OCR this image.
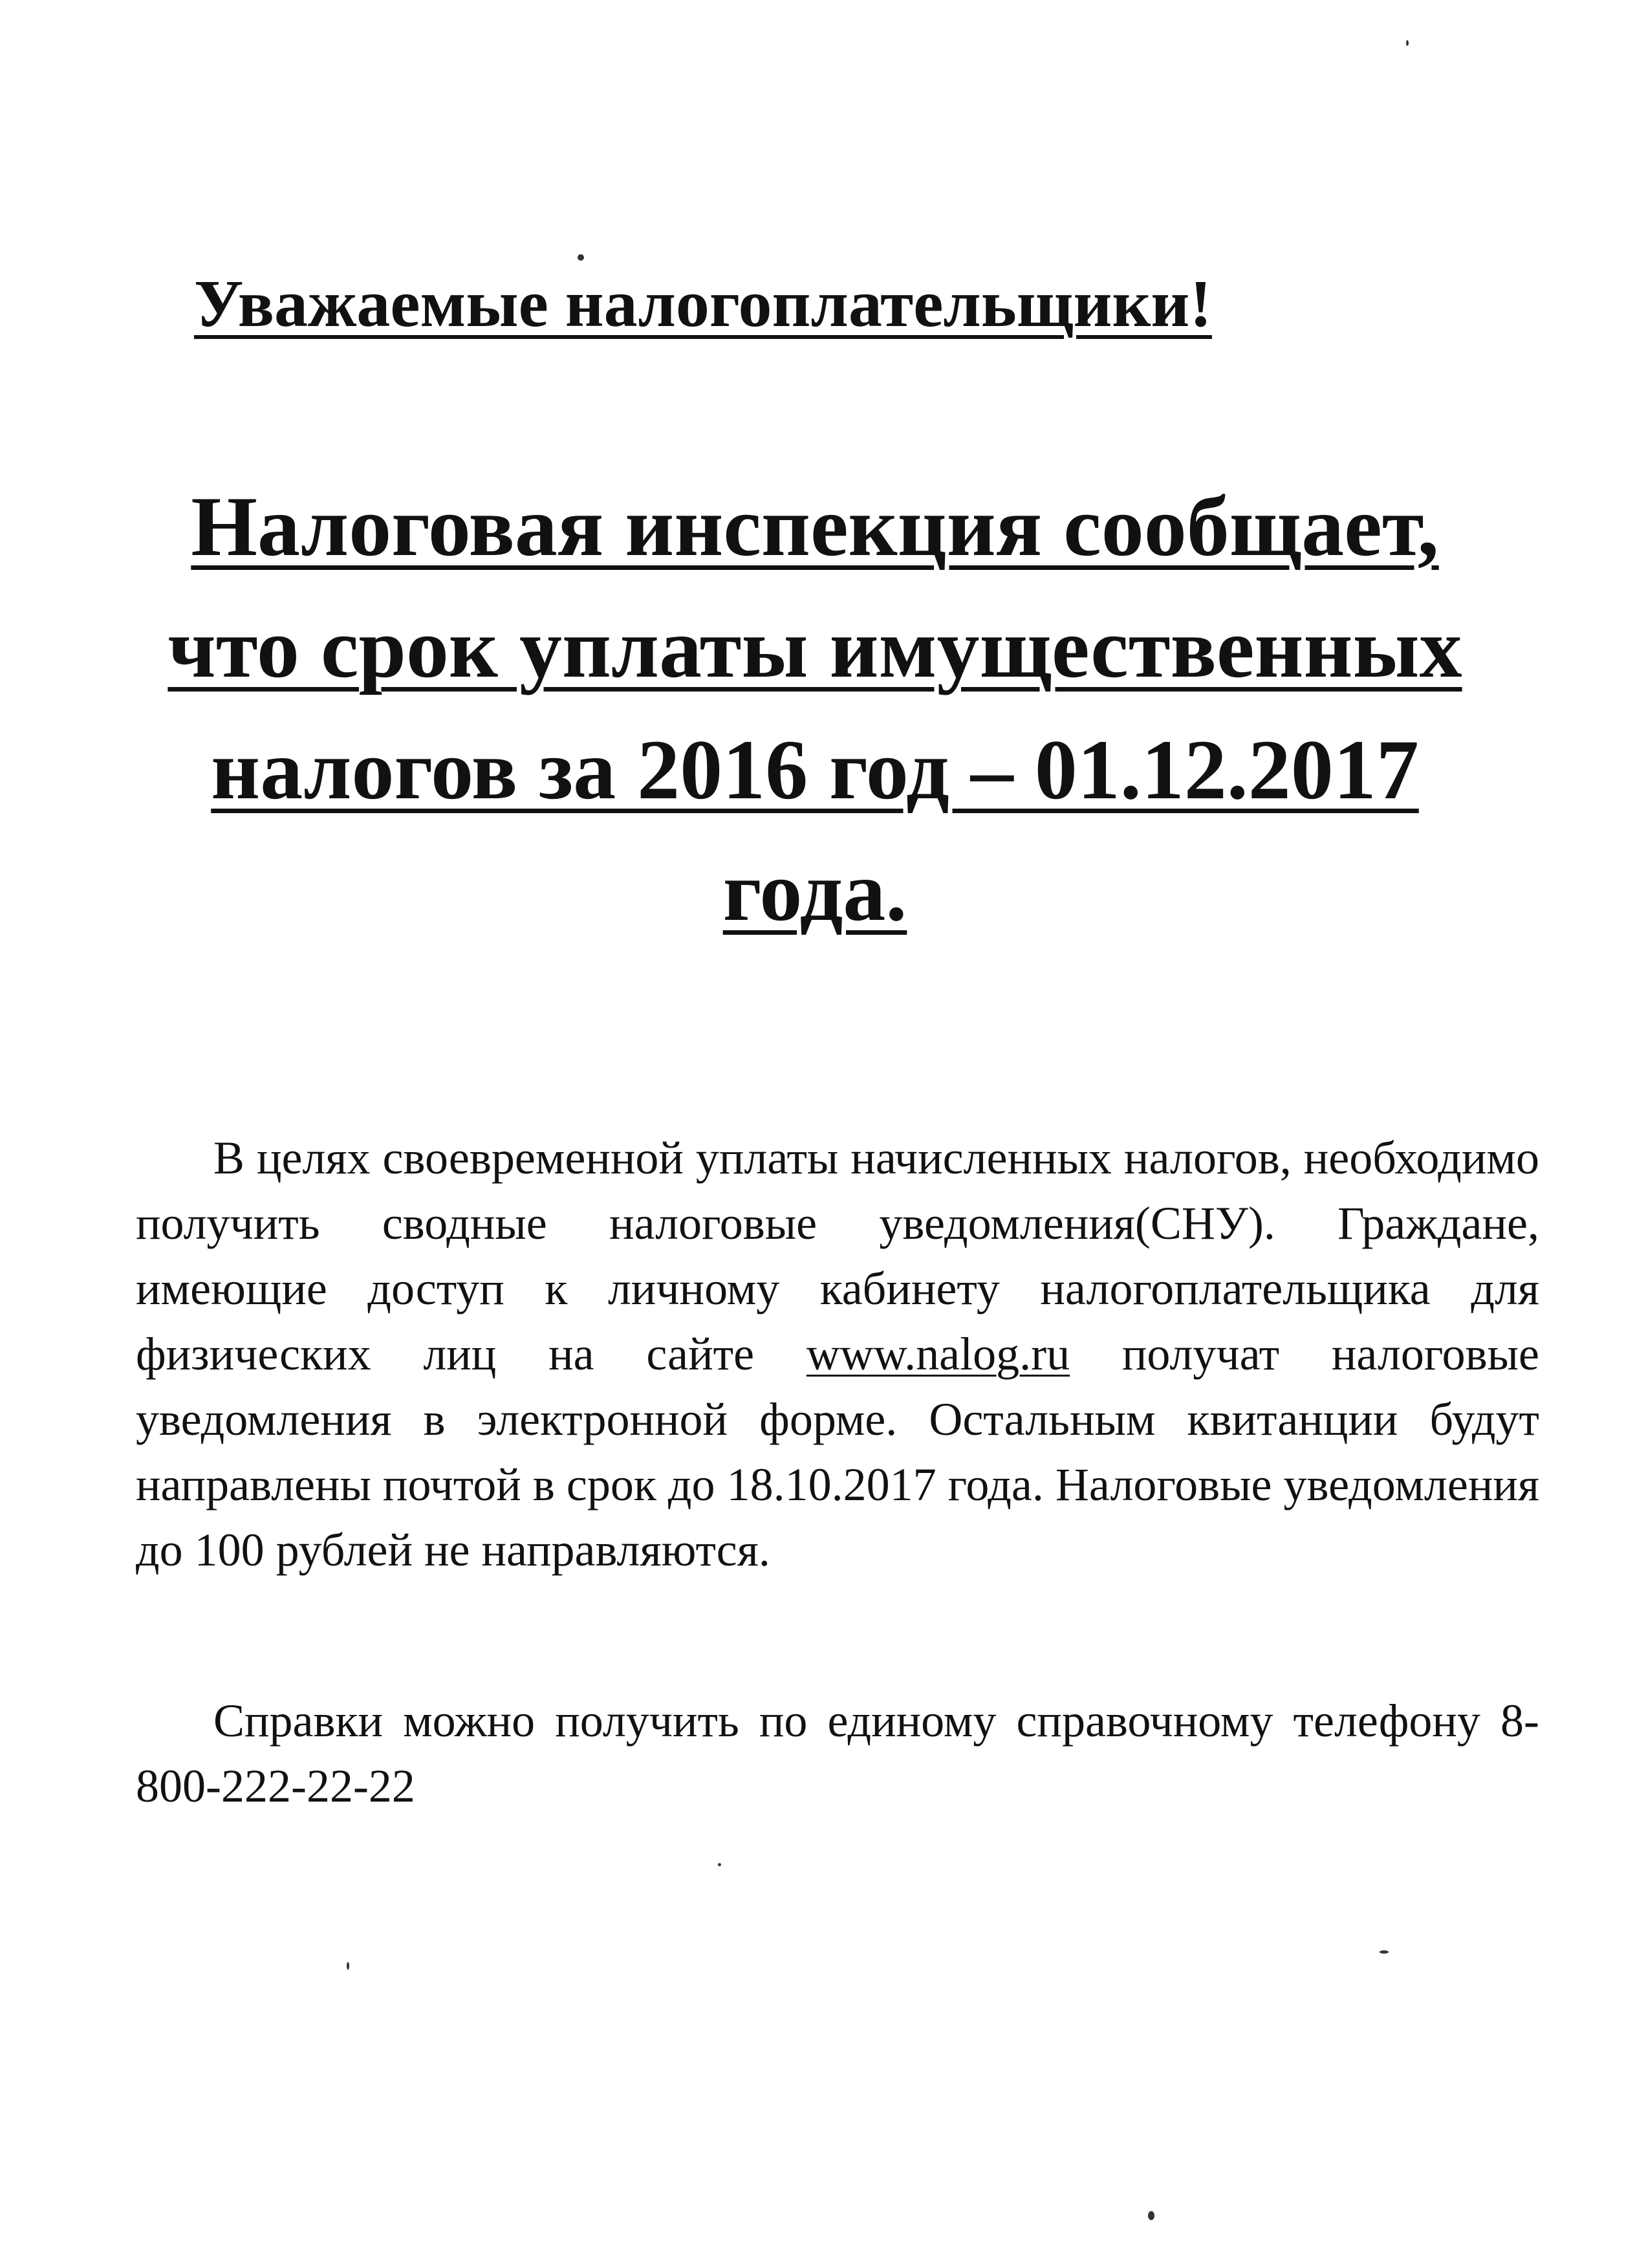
Уважаемые налогоплательщики!
Налоговая инспекция сообщает, что срок уплаты имущественных налогов за 2016 год – 01.12.2017 года.
В целях своевременной уплаты начисленных налогов, необходимо получить сводные налоговые уведомления(СНУ). Граждане, имеющие доступ к личному кабинету налогоплательщика для физических лиц на сайте www.nalog.ru получат налоговые уведомления в электронной форме. Остальным квитанции будут направлены почтой в срок до 18.10.2017 года. Налоговые уведомления до 100 рублей не направляются.
Справки можно получить по единому справочному телефону 8-800-222-22-22
